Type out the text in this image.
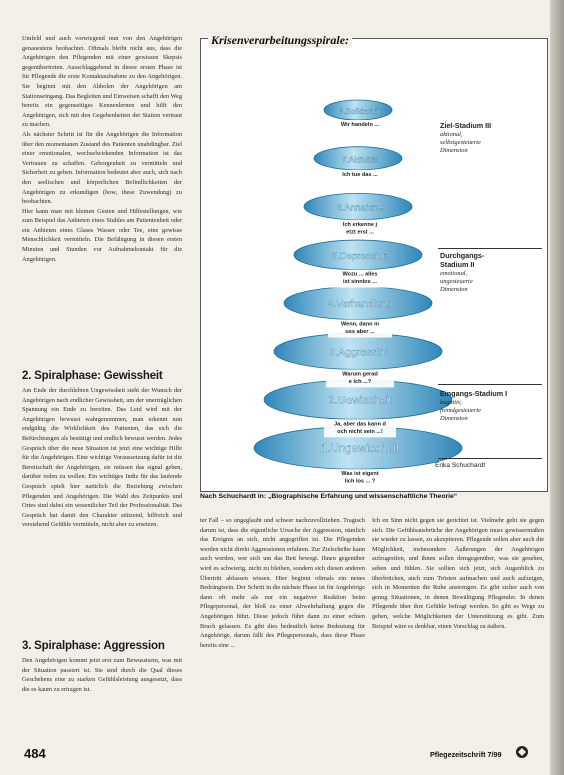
Umfeld und auch vorwiegend nun von den Angehörigen genauestens beobachtet. Oftmals bleibt nicht aus, dass die Angehörigen den Pflegenden mit einer gewissen Skepsis gegenübertreten. Ausschlaggebend in dieser ersten Phase ist für Pflegende die erste Kontaktaufnahme zu den Angehörigen. Sie beginnt mit den Abholen der Angehörigen am Stationseingang. Das Begleiten und Einweisen schafft den Weg bereits ein gegenseitiges Kennenlernen und hilft den Angehörigen, sich mit den Gegebenheiten der Station vertraut zu machen.

Als nächster Schritt ist für die Angehörigen die Information über den momentanen Zustand des Patienten unabdingbar. Ziel einer emotionalen, wechselwirkenden Information ist das Vertrauen zu schaffen. Geborgenheit zu vermitteln und Sicherheit zu geben. Information bedeutet aber auch, sich nach den seelischen und körperlichen Befindlichkeiten der Angehörigen zu erkundigen (how, these Zuwendung) zu beobachten.

Hier kann man mit kleinen Gesten und Hilfestellungen, wie zum Beispiel das Anbieten eines Stuhles am Patientenbett oder ein Anbieten eines Glases Wasser oder Tee, eine gewisse Menschlichkeit vermitteln. Die Befähigung in diesen ersten Minuten und Stunden vor Aufnahmekontakt für die Angehörigen.

2. Spiralphase: Gewissheit
Am Ende der durchlebten Ungewissheit steht der Wunsch der Angehörigen nach endlicher Gewissheit, um der unerträglichen Spannung ein Ende zu bereiten. Das Leid wird mit der Angehörigen bewusst wahrgenommen, man erkennt nun endgültig die Wirklichkeit des Patienten, das sich die Befürchtungen als bestätigt und endlich bewusst werden. Jedes Gespräch über die neue Situation ist jetzt eine wichtige Hilfe für die Angehörigen. Eine wichtige Voraussetzung dafür ist die Bereitschaft der Angehörigen, sie müssen das signal geben, darüber reden zu wollen. Ein wichtiges Indiz für das laufende Gespräch spielt hier natürlich die Beziehung zwischen Pflegenden und Angehörigen. Die Wahl des Zeitpunkts und Ortes sind dabei ein wesentlicher Teil der Professionalität. Das Gespräch hat damit den Charakter stützend, hilfreich und verstehend Gefühle vermitteln, nicht aber zu ersetzen.
3. Spiralphase: Aggression
Den Angehörigen kommt jetzt erst zum Bewusstsein, was mit der Situation passiert ist. Sie sind durch die Qual dieses Geschehens eine zu starken Gefühlsleistung ausgesetzt, dass die es kaum zu ertragen ist.
Krisenverarbeitungsspirale:
1.Ungewissheit
Was ist eigent lich los ... ?
2.Gewissheit
Ja, aber das kann d och nicht sein ...!
3.Aggression
Warum gerad e ich ...?
4.Verhandlung
Wenn, dann m uss aber ...
5.Depression
Wozu ... alles ist sinnlos ...
6.Annahme
Ich erkenne j etzt erst ...
7.Aktivität
Ich tue das ...
8.Solidarität
Wir handeln ...	Ziel-Stadium III
aktional,
selbstgesteuerte
Dimension
Durchgangs-
Stadium II
emotional,
ungesteuerte
Dimension
Eingangs-Stadium I
kognitiv,
fremdgesteuerte
Dimension
Erika Schuchardt
Nach Schuchardt in: „Biographische Erfahrung und wissenschaftliche Theorie“
ter Fall – so ungeglaubt und schwer nachzuvollziehen. Tragisch darum ist, dass die eigentliche Ursache der Aggression, nämlich das Ereignis an sich, nicht angegriffen ist. Die Pflegenden werden nicht direkt Aggressionen erfahren. Zur Zielscheibe kann auch werden, wer sich um das Bett bewegt. Ihnen gegenüber wird es schwierig, nicht zu bleiben, sondern sich diesen anderen Übertritt abfassen wissen. Hier beginnt oftmals ein neues Bedrängtsein. Der Schritt in die nächste Phase ist für Angehörige dann oft mehr als nur ein negativer Reaktion beim Pflegepersonal, der bloß zu einer Abwehrhaltung gegen die Angehörigen führt. Diese jedoch führt dann zu einer echten Bruch gelassen. Es gibt dies bedeutlich keine Bedeutung für Angehörige, darum fällt des Pflegepersonals, dass diese Phase bereits eine ...
Ich en Sinn nicht gegen sie gerichtet ist. Vielmehr geht sie gegen sich. Die Gefühlsausbrüche der Angehörigen muss gewissermaßen sie wieder zu lassen, zu akzeptieren. Pflegende sollen aber auch die Möglichkeit, insbesondere Äußerungen der Angehörigen aufzugreifen, und ihnen sollen demgegenüber, was sie gesehen, sehen und fühlen. Sie sollten sich jetzt, sich Augenblick zu überbrücken, auch zum Trösten aufmachen und auch aufzeigen, sich in Momenten die Ruhe anstrengen. Es gibt sicher auch von genug Situationen, in denen Bewältigung Pflegender. In denen Pflegende über ihre Gefühle befragt werden. So gibt es Wege zu gehen, welche Möglichkeiten der Unterstützung es gibt. Zum Beispiel wäre es denkbar, einen Vorschlag zu äußern.
484	Pflegezeitschrift 7/99
